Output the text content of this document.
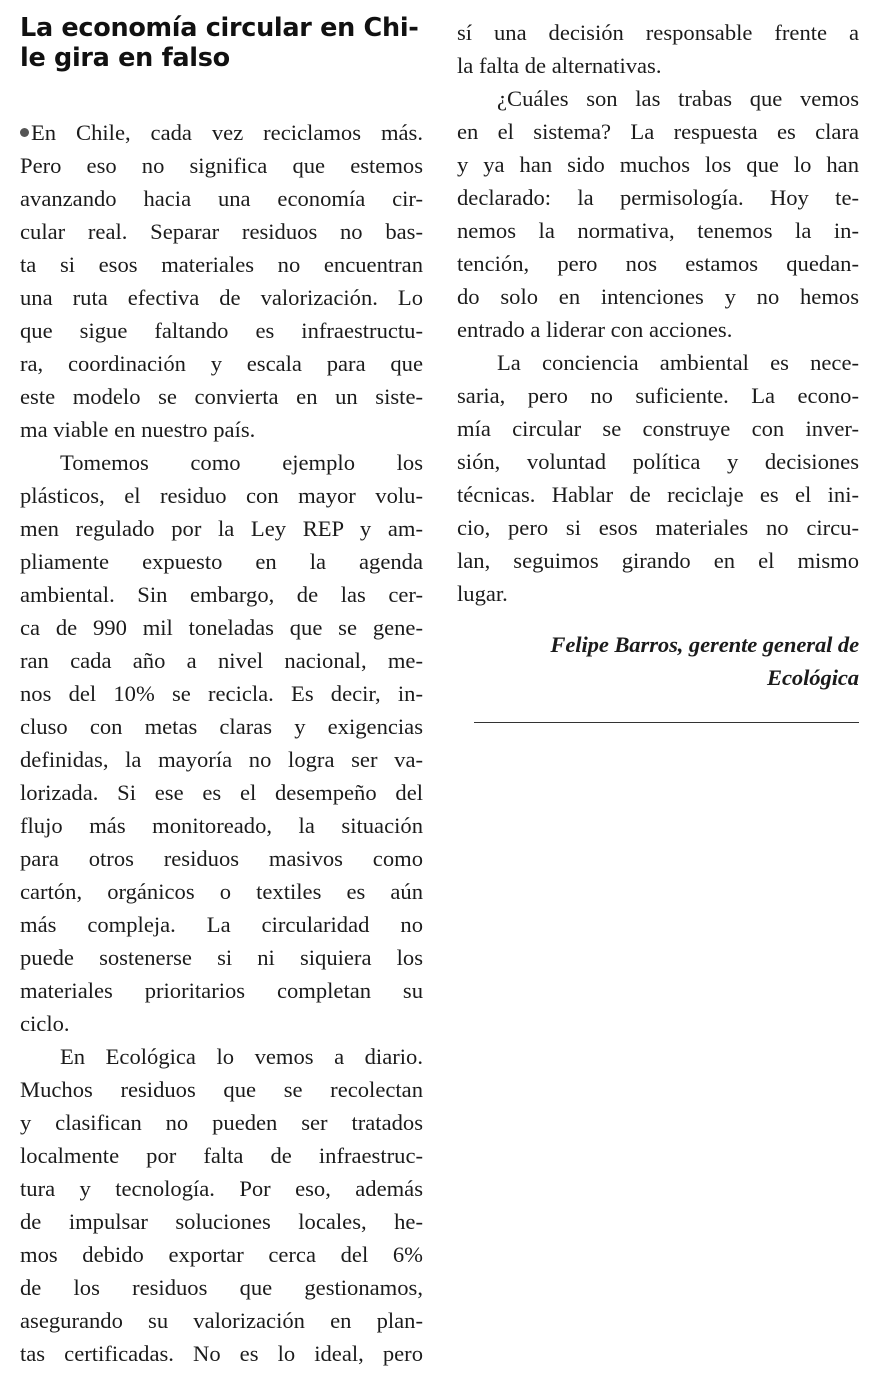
La economía circular en Chi-
le gira en falso
En Chile, cada vez reciclamos más.
Pero eso no significa que estemos
avanzando hacia una economía cir-
cular real. Separar residuos no bas-
ta si esos materiales no encuentran
una ruta efectiva de valorización. Lo
que sigue faltando es infraestructu-
ra, coordinación y escala para que
este modelo se convierta en un siste-
ma viable en nuestro país.
Tomemos como ejemplo los
plásticos, el residuo con mayor volu-
men regulado por la Ley REP y am-
pliamente expuesto en la agenda
ambiental. Sin embargo, de las cer-
ca de 990 mil toneladas que se gene-
ran cada año a nivel nacional, me-
nos del 10% se recicla. Es decir, in-
cluso con metas claras y exigencias
definidas, la mayoría no logra ser va-
lorizada. Si ese es el desempeño del
flujo más monitoreado, la situación
para otros residuos masivos como
cartón, orgánicos o textiles es aún
más compleja. La circularidad no
puede sostenerse si ni siquiera los
materiales prioritarios completan su
ciclo.
En Ecológica lo vemos a diario.
Muchos residuos que se recolectan
y clasifican no pueden ser tratados
localmente por falta de infraestruc-
tura y tecnología. Por eso, además
de impulsar soluciones locales, he-
mos debido exportar cerca del 6%
de los residuos que gestionamos,
asegurando su valorización en plan-
tas certificadas. No es lo ideal, pero
sí una decisión responsable frente a
la falta de alternativas.
¿Cuáles son las trabas que vemos
en el sistema? La respuesta es clara
y ya han sido muchos los que lo han
declarado: la permisología. Hoy te-
nemos la normativa, tenemos la in-
tención, pero nos estamos quedan-
do solo en intenciones y no hemos
entrado a liderar con acciones.
La conciencia ambiental es nece-
saria, pero no suficiente. La econo-
mía circular se construye con inver-
sión, voluntad política y decisiones
técnicas. Hablar de reciclaje es el ini-
cio, pero si esos materiales no circu-
lan, seguimos girando en el mismo
lugar.
Felipe Barros, gerente general de
Ecológica
